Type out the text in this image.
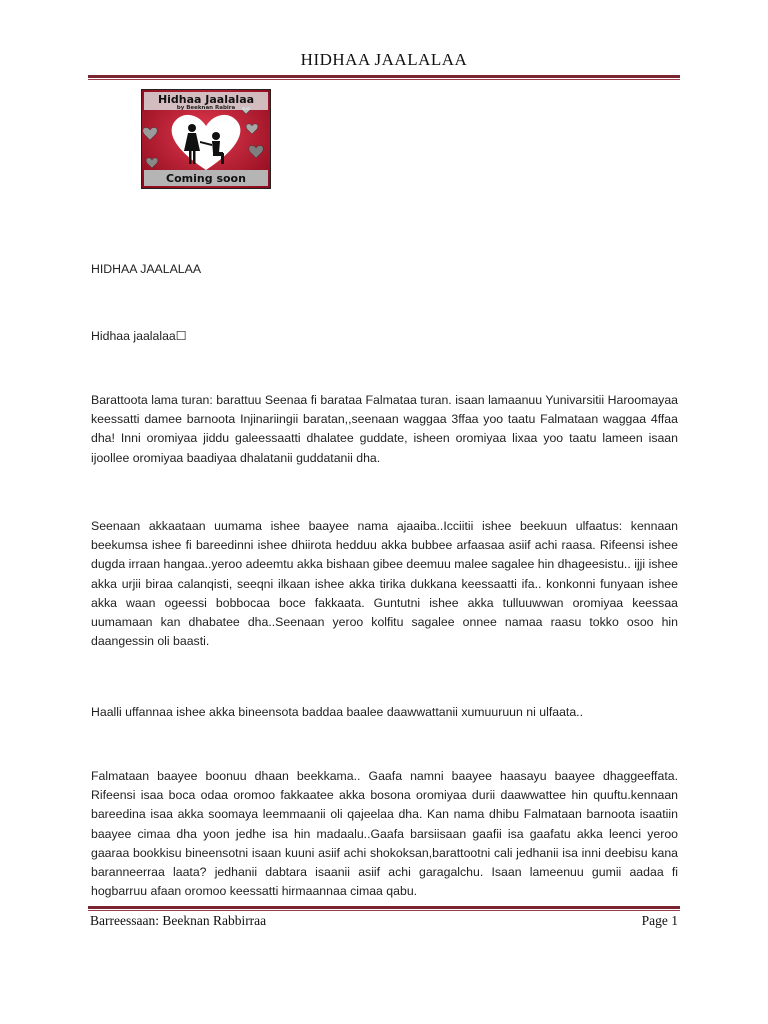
HIDHAA JAALALAA
Hidhaa Jaalalaa
by Beeknan Rabira
Coming soon

HIDHAA JAALALAA

Hidhaa jaalalaa☐

Barattoota lama turan: barattuu Seenaa fi barataa Falmataa turan. isaan lamaanuu Yunivarsitii Haroomayaa keessatti damee barnoota Injinariingii baratan,,seenaan waggaa 3ffaa yoo taatu Falmataan waggaa 4ffaa dha! Inni oromiyaa jiddu galeessaatti dhalatee guddate, isheen oromiyaa lixaa yoo taatu lameen isaan ijoollee oromiyaa baadiyaa dhalatanii guddatanii dha.

Seenaan akkaataan uumama ishee baayee nama ajaaiba..Icciitii ishee beekuun ulfaatus: kennaan beekumsa ishee fi bareedinni ishee dhiirota hedduu akka bubbee arfaasaa asiif achi raasa. Rifeensi ishee dugda irraan hangaa..yeroo adeemtu akka bishaan gibee deemuu malee sagalee hin dhageesistu.. ijji ishee akka urjii biraa calanqisti, seeqni ilkaan ishee akka tirika dukkana keessaatti ifa.. konkonni funyaan ishee akka waan ogeessi bobbocaa boce fakkaata. Guntutni ishee akka tulluuwwan oromiyaa keessaa uumamaan kan dhabatee dha..Seenaan yeroo kolfitu sagalee onnee namaa raasu tokko osoo hin daangessin oli baasti.

Haalli uffannaa ishee akka bineensota baddaa baalee daawwattanii xumuuruun ni ulfaata..

Falmataan baayee boonuu dhaan beekkama.. Gaafa namni baayee haasayu baayee dhaggeeffata. Rifeensi isaa boca odaa oromoo fakkaatee akka bosona oromiyaa durii daawwattee hin quuftu.kennaan bareedina isaa akka soomaya leemmaanii oli qajeelaa dha. Kan nama dhibu Falmataan barnoota isaatiin baayee cimaa dha yoon jedhe isa hin madaalu..Gaafa barsiisaan gaafii isa gaafatu akka leenci yeroo gaaraa bookkisu bineensotni isaan kuuni asiif achi shokoksan,barattootni cali jedhanii isa inni deebisu kana baranneerraa laata? jedhanii dabtara isaanii asiif achi garagalchu. Isaan lameenuu gumii aadaa fi hogbarruu afaan oromoo keessatti hirmaannaa cimaa qabu.

Barreessaan: Beeknan Rabbirraa	Page 1
